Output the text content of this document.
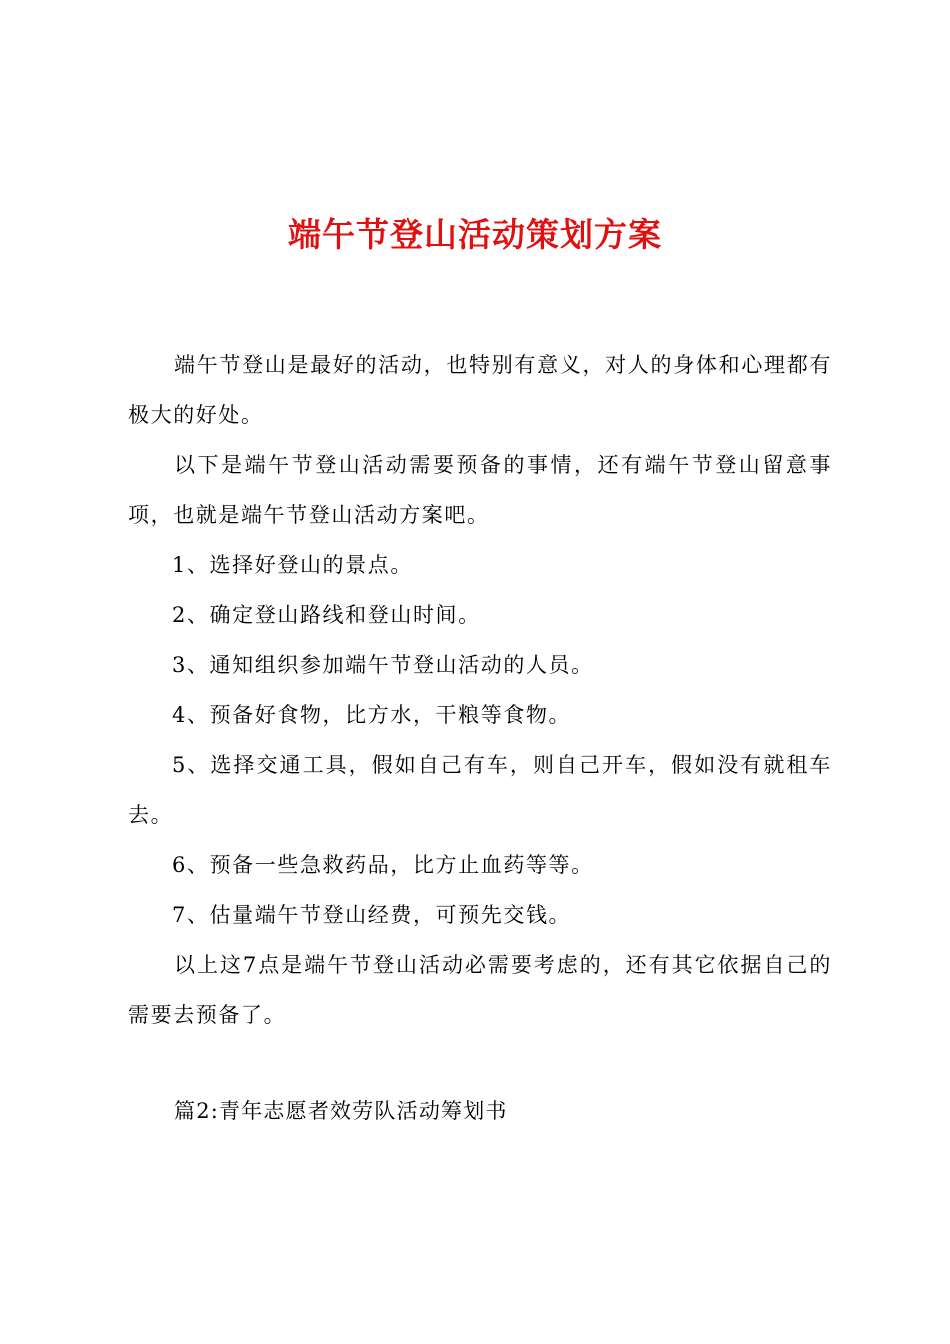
端午节登山活动策划方案

端午节登山是最好的活动，也特别有意义，对人的身体和心理都有极大的好处。

以下是端午节登山活动需要预备的事情，还有端午节登山留意事项，也就是端午节登山活动方案吧。

1、选择好登山的景点。

2、确定登山路线和登山时间。

3、通知组织参加端午节登山活动的人员。

4、预备好食物，比方水，干粮等食物。

5、选择交通工具，假如自己有车，则自己开车，假如没有就租车去。

6、预备一些急救药品，比方止血药等等。

7、估量端午节登山经费，可预先交钱。

以上这7点是端午节登山活动必需要考虑的，还有其它依据自己的需要去预备了。

篇2:青年志愿者效劳队活动筹划书
